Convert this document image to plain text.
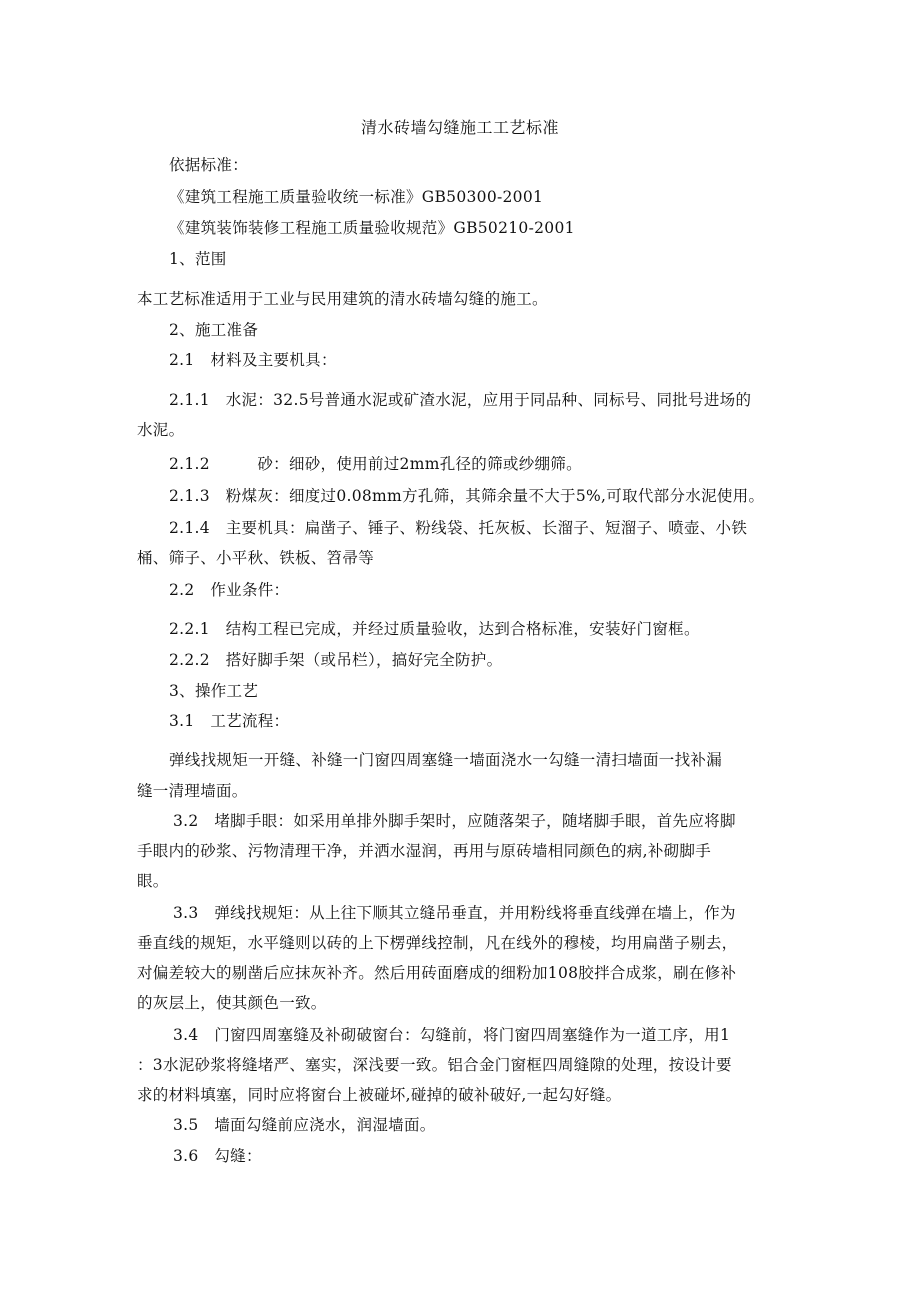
清水砖墙勾缝施工工艺标准
依据标准：
《建筑工程施工质量验收统一标准》GB50300-2001
《建筑装饰装修工程施工质量验收规范》GB50210-2001
1、范围
本工艺标准适用于工业与民用建筑的清水砖墙勾缝的施工。
2、施工准备
2.1　材料及主要机具：
2.1.1　水泥：32.5号普通水泥或矿渣水泥，应用于同品种、同标号、同批号进场的
水泥。
2.1.2　　　砂：细砂，使用前过2mm孔径的筛或纱绷筛。
2.1.3　粉煤灰：细度过0.08mm方孔筛，其筛余量不大于5%,可取代部分水泥使用。
2.1.4　主要机具：扁凿子、锤子、粉线袋、托灰板、长溜子、短溜子、喷壶、小铁
桶、筛子、小平秋、铁板、笤帚等
2.2　作业条件：
2.2.1　结构工程已完成，并经过质量验收，达到合格标准，安装好门窗框。
2.2.2　搭好脚手架（或吊栏），搞好完全防护。
3、操作工艺
3.1　工艺流程：
弹线找规矩一开缝、补缝一门窗四周塞缝一墙面浇水一勾缝一清扫墙面一找补漏
缝一清理墙面。
3.2　堵脚手眼：如采用单排外脚手架时，应随落架子，随堵脚手眼，首先应将脚
手眼内的砂浆、污物清理干净，并洒水湿润，再用与原砖墙相同颜色的病,补砌脚手
眼。
3.3　弹线找规矩：从上往下顺其立缝吊垂直，并用粉线将垂直线弹在墙上，作为
垂直线的规矩，水平缝则以砖的上下楞弹线控制，凡在线外的穆棱，均用扁凿子剔去，
对偏差较大的剔凿后应抹灰补齐。然后用砖面磨成的细粉加108胶拌合成浆，刷在修补
的灰层上，使其颜色一致。
3.4　门窗四周塞缝及补砌破窗台：勾缝前，将门窗四周塞缝作为一道工序，用1
：3水泥砂浆将缝堵严、塞实，深浅要一致。铝合金门窗框四周缝隙的处理，按设计要
求的材料填塞，同时应将窗台上被碰坏,碰掉的破补破好,一起勾好缝。
3.5　墙面勾缝前应浇水，润湿墙面。
3.6　勾缝：
